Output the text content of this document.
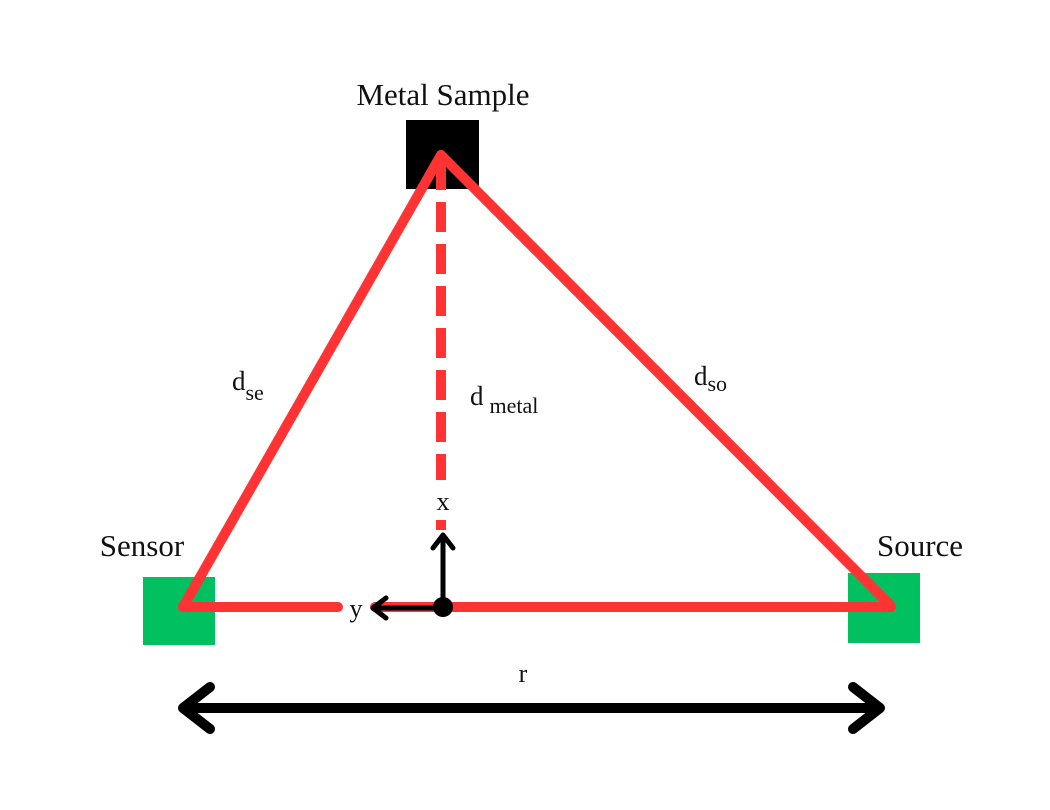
Metal Sample
Sensor	Source
$d_{se}$	d $_{metal}$
$d_{so}$
x
y
r
